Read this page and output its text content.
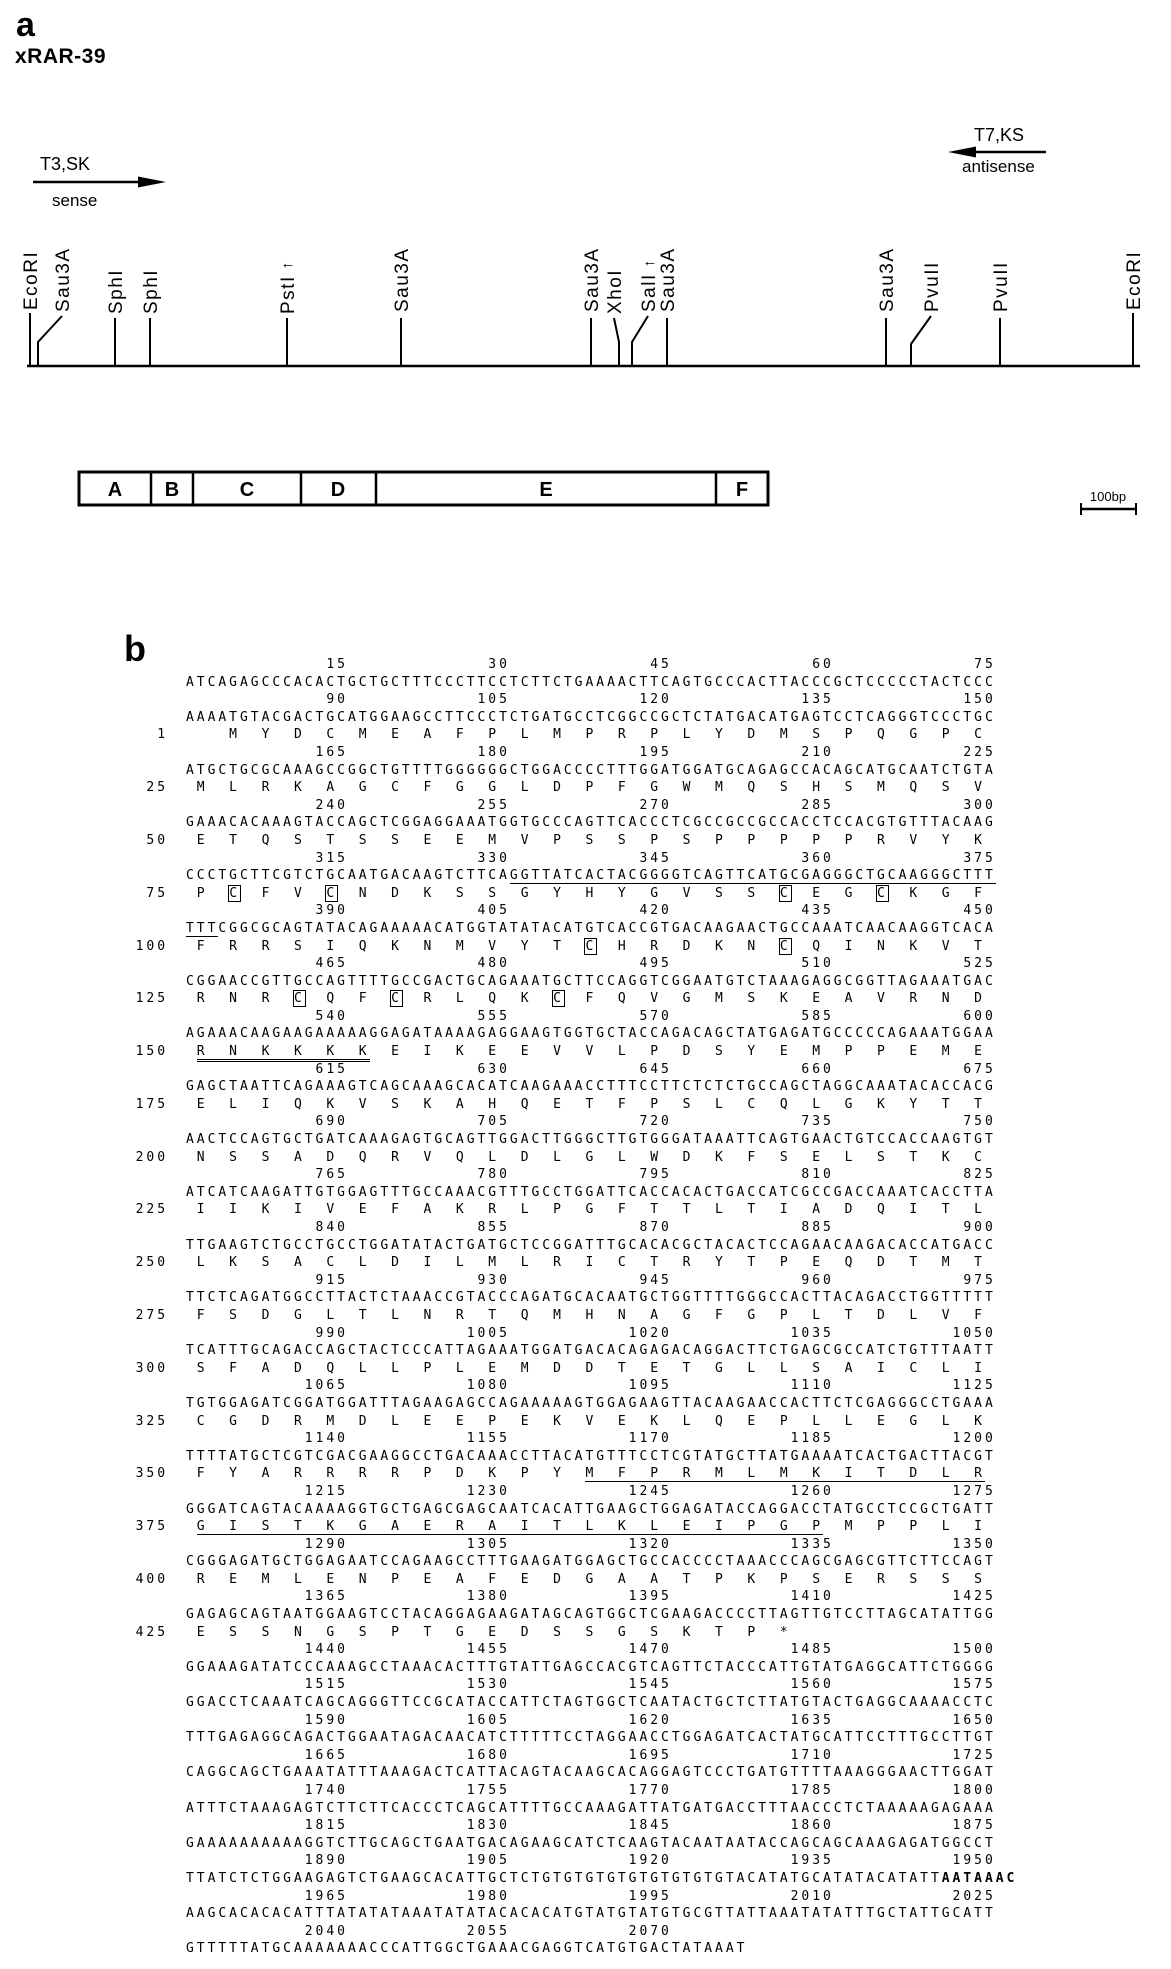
a
xRAR-39
T3,SK
sense
T7,KS
antisense
EcoRI Sau3A SphI SphI	PstI
←	Sau3A	Sau3A XhoI SalI
← Sau3A	Sau3A PvuII	PvuII	EcoRI
A B	C	D	E	F	100bp
b	15             30             45             60             75
ATCAGAGCCCACACTGCTGCTTTCCCTTCCTCTTCTGAAAACTTCAGTGCCCACTTACCCGCTCCCCCTACTCCC
90            105            120            135            150
AAAATGTACGACTGCATGGAAGCCTTCCCTCTGATGCCTCGGCCGCTCTATGACATGAGTCCTCAGGGTCCCTGC
1    M  Y  D  C  M  E  A  F  P  L  M  P  R  P  L  Y  D  M  S  P  Q  G  P  C
165            180            195            210            225
ATGCTGCGCAAAGCCGGCTGTTTTGGGGGGCTGGACCCCTTTGGATGGATGCAGAGCCACAGCATGCAATCTGTA
25 M  L  R  K  A  G  C  F  G  G  L  D  P  F  G  W  M  Q  S  H  S  M  Q  S  V
240            255            270            285            300
GAAACACAAAGTACCAGCTCGGAGGAAATGGTGCCCAGTTCACCCTCGCCGCCGCCACCTCCACGTGTTTACAAG
50 E  T  Q  S  T  S  S  E  E  M  V  P  S  S  P  S  P  P  P  P  P  R  V  Y  K
315            330            345            360            375
CCCTGCTTCGTCTGCAATGACAAGTCTTCAGGTTATCACTACGGGGTCAGTTCATGCGAGGGCTGCAAGGGCTTT
75 P  C  F  V  C  N  D  K  S  S  G  Y  H  Y  G  V  S  S  C  E  G  C  K  G  F
390            405            420            435            450
TTTCGGCGCAGTATACAGAAAAACATGGTATATACATGTCACCGTGACAAGAACTGCCAAATCAACAAGGTCACA
100 F  R  R  S  I  Q  K  N  M  V  Y  T  C  H  R  D  K  N  C  Q  I  N  K  V  T
465            480            495            510            525
CGGAACCGTTGCCAGTTTTGCCGACTGCAGAAATGCTTCCAGGTCGGAATGTCTAAAGAGGCGGTTAGAAATGAC
125 R  N  R  C  Q  F  C  R  L  Q  K  C  F  Q  V  G  M  S  K  E  A  V  R  N  D
540            555            570            585            600
AGAAACAAGAAGAAAAAGGAGATAAAAGAGGAAGTGGTGCTACCAGACAGCTATGAGATGCCCCCAGAAATGGAA
150 R  N  K  K  K  K  E  I  K  E  E  V  V  L  P  D  S  Y  E  M  P  P  E  M  E
615            630            645            660            675
GAGCTAATTCAGAAAGTCAGCAAAGCACATCAAGAAACCTTTCCTTCTCTCTGCCAGCTAGGCAAATACACCACG
175 E  L  I  Q  K  V  S  K  A  H  Q  E  T  F  P  S  L  C  Q  L  G  K  Y  T  T
690            705            720            735            750
AACTCCAGTGCTGATCAAAGAGTGCAGTTGGACTTGGGCTTGTGGGATAAATTCAGTGAACTGTCCACCAAGTGT
200 N  S  S  A  D  Q  R  V  Q  L  D  L  G  L  W  D  K  F  S  E  L  S  T  K  C
765            780            795            810            825
ATCATCAAGATTGTGGAGTTTGCCAAACGTTTGCCTGGATTCACCACACTGACCATCGCCGACCAAATCACCTTA
225 I  I  K  I  V  E  F  A  K  R  L  P  G  F  T  T  L  T  I  A  D  Q  I  T  L
840            855            870            885            900
TTGAAGTCTGCCTGCCTGGATATACTGATGCTCCGGATTTGCACACGCTACACTCCAGAACAAGACACCATGACC
250 L  K  S  A  C  L  D  I  L  M  L  R  I  C  T  R  Y  T  P  E  Q  D  T  M  T
915            930            945            960            975
TTCTCAGATGGCCTTACTCTAAACCGTACCCAGATGCACAATGCTGGTTTTGGGCCACTTACAGACCTGGTTTTT
275 F  S  D  G  L  T  L  N  R  T  Q  M  H  N  A  G  F  G  P  L  T  D  L  V  F
990           1005           1020           1035           1050
TCATTTGCAGACCAGCTACTCCCATTAGAAATGGATGACACAGAGACAGGACTTCTGAGCGCCATCTGTTTAATT
300 S  F  A  D  Q  L  L  P  L  E  M  D  D  T  E  T  G  L  L  S  A  I  C  L  I
1065           1080           1095           1110           1125
TGTGGAGATCGGATGGATTTAGAAGAGCCAGAAAAAGTGGAGAAGTTACAAGAACCACTTCTCGAGGGCCTGAAA
325 C  G  D  R  M  D  L  E  E  P  E  K  V  E  K  L  Q  E  P  L  L  E  G  L  K
1140           1155           1170           1185           1200
TTTTATGCTCGTCGACGAAGGCCTGACAAACCTTACATGTTTCCTCGTATGCTTATGAAAATCACTGACTTACGT
350 F  Y  A  R  R  R  R  P  D  K  P  Y  M  F  P  R  M  L  M  K  I  T  D  L  R
1215           1230           1245           1260           1275
GGGATCAGTACAAAAGGTGCTGAGCGAGCAATCACATTGAAGCTGGAGATACCAGGACCTATGCCTCCGCTGATT
375 G  I  S  T  K  G  A  E  R  A  I  T  L  K  L  E  I  P  G  P  M  P  P  L  I
1290           1305           1320           1335           1350
CGGGAGATGCTGGAGAATCCAGAAGCCTTTGAAGATGGAGCTGCCACCCCTAAACCCAGCGAGCGTTCTTCCAGT
400 R  E  M  L  E  N  P  E  A  F  E  D  G  A  A  T  P  K  P  S  E  R  S  S  S
1365           1380           1395           1410           1425
GAGAGCAGTAATGGAAGTCCTACAGGAGAAGATAGCAGTGGCTCGAAGACCCCTTAGTTGTCCTTAGCATATTGG
425 E  S  S  N  G  S  P  T  G  E  D  S  S  G  S  K  T  P  *
1440           1455           1470           1485           1500
GGAAAGATATCCCAAAGCCTAAACACTTTGTATTGAGCCACGTCAGTTCTACCCATTGTATGAGGCATTCTGGGG
1515           1530           1545           1560           1575
GGACCTCAAATCAGCAGGGTTCCGCATACCATTCTAGTGGCTCAATACTGCTCTTATGTACTGAGGCAAAACCTC
1590           1605           1620           1635           1650
TTTGAGAGGCAGACTGGAATAGACAACATCTTTTTCCTAGGAACCTGGAGATCACTATGCATTCCTTTGCCTTGT
1665           1680           1695           1710           1725
CAGGCAGCTGAAATATTTAAAGACTCATTACAGTACAAGCACAGGAGTCCCTGATGTTTTAAAGGGAACTTGGAT
1740           1755           1770           1785           1800
ATTTCTAAAGAGTCTTCTTCACCCTCAGCATTTTGCCAAAGATTATGATGACCTTTAACCCTCTAAAAAGAGAAA
1815           1830           1845           1860           1875
GAAAAAAAAAAGGTCTTGCAGCTGAATGACAGAAGCATCTCAAGTACAATAATACCAGCAGCAAAGAGATGGCCT
1890           1905           1920           1935           1950
TTATCTCTGGAAGAGTCTGAAGCACATTGCTCTGTGTGTGTGTGTGTGTGTACATATGCATATACATATTAATAAAC
1965           1980           1995           2010           2025
AAGCACACACATTTATATATAAATATATACACACATGTATGTATGTGCGTTATTAAATATATTTGCTATTGCATT
2040           2055           2070
GTTTTTATGCAAAAAAACCCATTGGCTGAAACGAGGTCATGTGACTATAAAT
